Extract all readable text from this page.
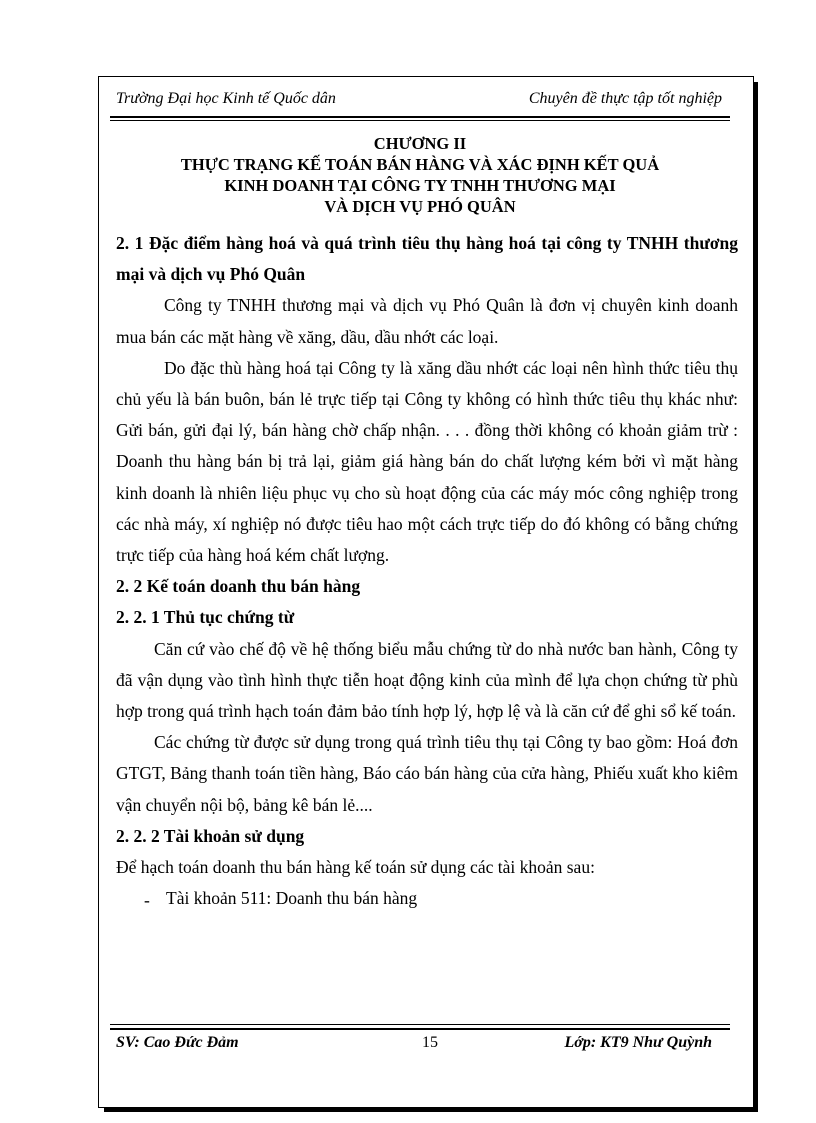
Trường Đại học Kinh tế Quốc dân	Chuyên đề thực tập tốt nghiệp
CHƯƠNG II
THỰC TRẠNG KẾ TOÁN BÁN HÀNG VÀ XÁC ĐỊNH KẾT QUẢ
KINH DOANH TẠI CÔNG TY TNHH THƯƠNG MẠI
VÀ DỊCH VỤ PHÓ QUÂN

2. 1 Đặc điểm hàng hoá và quá trình tiêu thụ hàng hoá tại công ty TNHH thương mại và dịch vụ Phó Quân

Công ty TNHH thương mại và dịch vụ Phó Quân là đơn vị chuyên kinh doanh mua bán các mặt hàng về xăng, dầu, dầu nhớt các loại.

Do đặc thù hàng hoá tại Công ty là xăng dầu nhớt các loại nên hình thức tiêu thụ chủ yếu là bán buôn, bán lẻ trực tiếp tại Công ty không có hình thức tiêu thụ khác như: Gửi bán, gửi đại lý, bán hàng chờ chấp nhận. . . . đồng thời không có khoản giảm trừ : Doanh thu hàng bán bị trả lại, giảm giá hàng bán do chất lượng kém bởi vì mặt hàng kinh doanh là nhiên liệu phục vụ cho sù hoạt động của các máy móc công nghiệp trong các nhà máy, xí nghiệp nó được tiêu hao một cách trực tiếp do đó không có bằng chứng trực tiếp của hàng hoá kém chất lượng.

2. 2 Kế toán doanh thu bán hàng

2. 2. 1 Thủ tục chứng từ

Căn cứ vào chế độ về hệ thống biểu mẫu chứng từ do nhà nước ban hành, Công ty đã vận dụng vào tình hình thực tiễn hoạt động kinh của mình để lựa chọn chứng từ phù hợp trong quá trình hạch toán đảm bảo tính hợp lý, hợp lệ và là căn cứ để ghi sổ kế toán.

Các chứng từ được sử dụng trong quá trình tiêu thụ tại Công ty bao gồm: Hoá đơn GTGT, Bảng thanh toán tiền hàng, Báo cáo bán hàng của cửa hàng, Phiếu xuất kho kiêm vận chuyển nội bộ, bảng kê bán lẻ....

2. 2. 2 Tài khoản sử dụng

Để hạch toán doanh thu bán hàng kế toán sử dụng các tài khoản sau:

- Tài khoản 511: Doanh thu bán hàng
SV: Cao Đức Đảm	15	Lớp: KT9 Như Quỳnh
